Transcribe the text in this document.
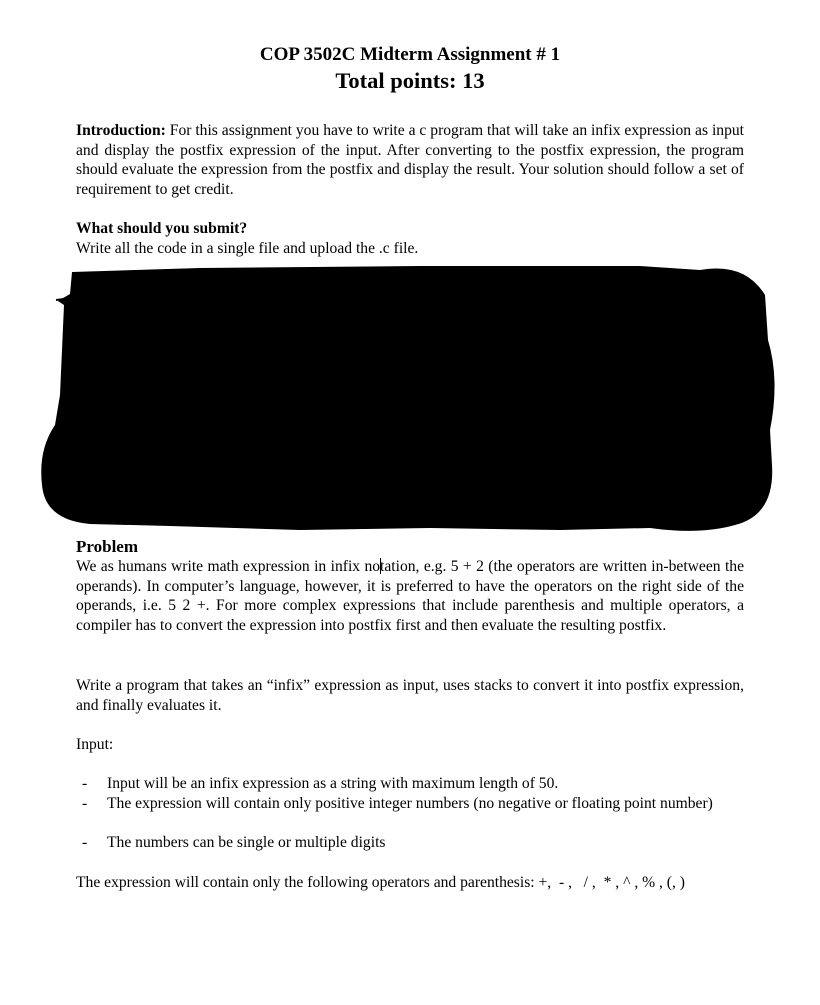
COP 3502C Midterm Assignment # 1
Total points: 13
Introduction: For this assignment you have to write a c program that will take an infix expression as input and display the postfix expression of the input. After converting to the postfix expression, the program should evaluate the expression from the postfix and display the result. Your solution should follow a set of requirement to get credit.
What should you submit?
Write all the code in a single file and upload the .c file.
Problem
We as humans write math expression in infix notation, e.g. 5 + 2 (the operators are written in-between the operands). In computer’s language, however, it is preferred to have the operators on the right side of the operands, i.e. 5 2 +. For more complex expressions that include parenthesis and multiple operators, a compiler has to convert the expression into postfix first and then evaluate the resulting postfix.
Write a program that takes an “infix” expression as input, uses stacks to convert it into postfix expression, and finally evaluates it.
Input:
- Input will be an infix expression as a string with maximum length of 50.
- The expression will contain only positive integer numbers (no negative or floating point number)
- The numbers can be single or multiple digits
The expression will contain only the following operators and parenthesis: +,  - ,   / ,  * , ^ , % , (, )
